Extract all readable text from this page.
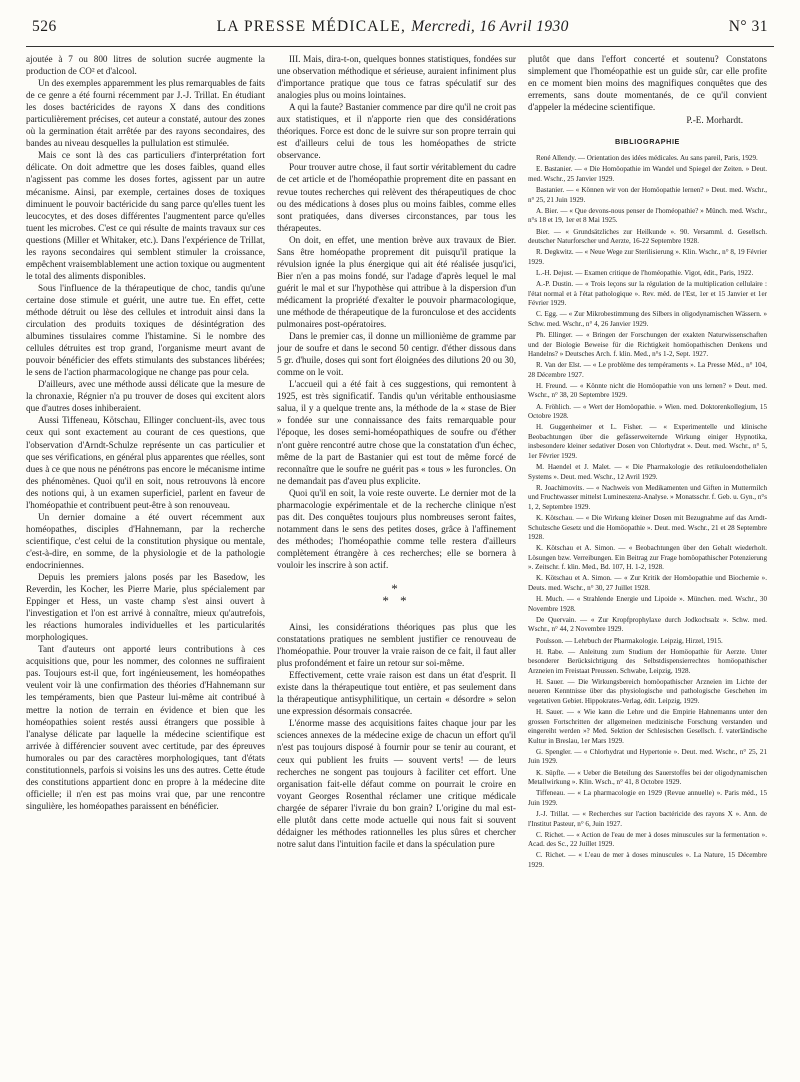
526	LA PRESSE MÉDICALE, Mercredi, 16 Avril 1930	N° 31

ajoutée à 7 ou 800 litres de solution sucrée augmente la production de CO² et d'alcool.

Un des exemples apparemment les plus remarquables de faits de ce genre a été fourni récemment par J.-J. Trillat. En étudiant les doses bactéricides de rayons X dans des conditions particulièrement précises, cet auteur a constaté, autour des zones où la germination était arrêtée par des rayons secondaires, des bandes au niveau desquelles la pullulation est stimulée.

Mais ce sont là des cas particuliers d'interprétation fort délicate. On doit admettre que les doses faibles, quand elles n'agissent pas comme les doses fortes, agissent par un autre mécanisme. Ainsi, par exemple, certaines doses de toxiques diminuent le pouvoir bactéricide du sang parce qu'elles tuent les leucocytes, et des doses différentes l'augmentent parce qu'elles tuent les microbes. C'est ce qui résulte de maints travaux sur ces questions (Miller et Whitaker, etc.). Dans l'expérience de Trillat, les rayons secondaires qui semblent stimuler la croissance, empêchent vraisemblablement une action toxique ou augmentent le total des aliments disponibles.

Sous l'influence de la thérapeutique de choc, tandis qu'une certaine dose stimule et guérit, une autre tue. En effet, cette méthode détruit ou lèse des cellules et introduit ainsi dans la circulation des produits toxiques de désintégration des albumines tissulaires comme l'histamine. Si le nombre des cellules détruites est trop grand, l'organisme meurt avant de pouvoir bénéficier des effets stimulants des substances libérées; le sens de l'action pharmacologique ne change pas pour cela.

D'ailleurs, avec une méthode aussi délicate que la mesure de la chronaxie, Régnier n'a pu trouver de doses qui excitent alors que d'autres doses inhiberaient.

Aussi Tiffeneau, Kötschau, Ellinger concluent-ils, avec tous ceux qui sont exactement au courant de ces questions, que l'observation d'Arndt-Schulze représente un cas particulier et que ses vérifications, en général plus apparentes que réelles, sont dues à ce que nous ne pénétrons pas encore le mécanisme intime des phénomènes. Quoi qu'il en soit, nous retrouvons là encore des notions qui, à un examen superficiel, parlent en faveur de l'homéopathie et contribuent peut-être à son renouveau.

Un dernier domaine a été ouvert récemment aux homéopathes, disciples d'Hahnemann, par la recherche scientifique, c'est celui de la constitution physique ou mentale, c'est-à-dire, en somme, de la physiologie et de la pathologie endocriniennes.

Depuis les premiers jalons posés par les Basedow, les Reverdin, les Kocher, les Pierre Marie, plus spécialement par Eppinger et Hess, un vaste champ s'est ainsi ouvert à l'investigation et l'on est arrivé à connaître, mieux qu'autrefois, les réactions humorales individuelles et les particularités morphologiques.

Tant d'auteurs ont apporté leurs contributions à ces acquisitions que, pour les nommer, des colonnes ne suffiraient pas. Toujours est-il que, fort ingénieusement, les homéopathes veulent voir là une confirmation des théories d'Hahnemann sur les tempéraments, bien que Pasteur lui-même ait contribué à mettre la notion de terrain en évidence et bien que les homéopathies soient restés aussi étrangers que possible à l'analyse délicate par laquelle la médecine scientifique est arrivée à différencier souvent avec certitude, par des épreuves humorales ou par des caractères morphologiques, tant d'états constitutionnels, parfois si voisins les uns des autres. Cette étude des constitutions appartient donc en propre à la médecine dite officielle; il n'en est pas moins vrai que, par une rencontre singulière, les homéopathes paraissent en bénéficier.

III. Mais, dira-t-on, quelques bonnes statistiques, fondées sur une observation méthodique et sérieuse, auraient infiniment plus d'importance pratique que tous ce fatras spéculatif sur des analogies plus ou moins lointaines.

A qui la faute? Bastanier commence par dire qu'il ne croit pas aux statistiques, et il n'apporte rien que des considérations théoriques. Force est donc de le suivre sur son propre terrain qui est d'ailleurs celui de tous les homéopathes de stricte observance.

Pour trouver autre chose, il faut sortir véritablement du cadre de cet article et de l'homéopathie proprement dite en passant en revue toutes recherches qui relèvent des thérapeutiques de choc ou des médications à doses plus ou moins faibles, comme elles sont pratiquées, dans diverses circonstances, par tous les thérapeutes.

On doit, en effet, une mention brève aux travaux de Bier. Sans être homéopathe proprement dit puisqu'il pratique la révulsion ignée la plus énergique qui ait été réalisée jusqu'ici, Bier n'en a pas moins fondé, sur l'adage d'après lequel le mal guérit le mal et sur l'hypothèse qui attribue à la dispersion d'un médicament la propriété d'exalter le pouvoir pharmacologique, une méthode de thérapeutique de la furonculose et des accidents pulmonaires post-opératoires.

Dans le premier cas, il donne un millionième de gramme par jour de soufre et dans le second 50 centigr. d'éther dissous dans 5 gr. d'huile, doses qui sont fort éloignées des dilutions 20 ou 30, comme on le voit.

L'accueil qui a été fait à ces suggestions, qui remontent à 1925, est très significatif. Tandis qu'un véritable enthousiasme salua, il y a quelque trente ans, la méthode de la « stase de Bier » fondée sur une connaissance des faits remarquable pour l'époque, les doses semi-homéopathiques de soufre ou d'éther n'ont guère rencontré autre chose que la constatation d'un échec, même de la part de Bastanier qui est tout de même forcé de reconnaître que le soufre ne guérit pas « tous » les furoncles. On ne demandait pas d'aveu plus explicite.

Quoi qu'il en soit, la voie reste ouverte. Le dernier mot de la pharmacologie expérimentale et de la recherche clinique n'est pas dit. Des conquêtes toujours plus nombreuses seront faites, notamment dans le sens des petites doses, grâce à l'affinement des méthodes; l'homéopathie comme telle restera d'ailleurs complètement étrangère à ces recherches; elle se bornera à vouloir les inscrire à son actif.

*
* *

Ainsi, les considérations théoriques pas plus que les constatations pratiques ne semblent justifier ce renouveau de l'homéopathie. Pour trouver la vraie raison de ce fait, il faut aller plus profondément et faire un retour sur soi-même.

Effectivement, cette vraie raison est dans un état d'esprit. Il existe dans la thérapeutique tout entière, et pas seulement dans la thérapeutique antisyphilitique, un certain « désordre » selon une expression désormais consacrée.

L'énorme masse des acquisitions faites chaque jour par les sciences annexes de la médecine exige de chacun un effort qu'il n'est pas toujours disposé à fournir pour se tenir au courant, et ceux qui publient les fruits — souvent verts! — de leurs recherches ne songent pas toujours à faciliter cet effort. Une organisation fait-elle défaut comme on pourrait le croire en voyant Georges Rosenthal réclamer une critique médicale chargée de séparer l'ivraie du bon grain? L'origine du mal est-elle plutôt dans cette mode actuelle qui nous fait si souvent dédaigner les méthodes rationnelles les plus sûres et chercher notre salut dans l'intuition facile et dans la spéculation pure

plutôt que dans l'effort concerté et soutenu? Constatons simplement que l'homéopathie est un guide sûr, car elle profite en ce moment bien moins des magnifiques conquêtes que des errements, sans doute momentanés, de ce qu'il convient d'appeler la médecine scientifique.

P.-E. Morhardt.
BIBLIOGRAPHIE

René Allendy. — Orientation des idées médicales. Au sans pareil, Paris, 1929.

E. Bastanier. — « Die Homöopathie im Wandel und Spiegel der Zeiten. » Deut. med. Wschr., 25 Janvier 1929.

Bastanier. — « Können wir von der Homöopathie lernen? » Deut. med. Wschr., n° 25, 21 Juin 1929.

A. Bier. — « Que devons-nous penser de l'homéopathie? » Münch. med. Wschr., n°s 18 et 19, 1er et 8 Mai 1925.

Bier. — « Grundsätzliches zur Heilkunde ». 90. Versamml. d. Gesellsch. deutscher Naturforscher und Aerzte, 16-22 Septembre 1928.

R. Degkwitz. — « Neue Wege zur Sterilisierung ». Klin. Wschr., n° 8, 19 Février 1929.

L.-H. Dejust. — Examen critique de l'homéopathie. Vigot, édit., Paris, 1922.

A.-P. Dustin. — « Trois leçons sur la régulation de la multiplication cellulaire : l'état normal et à l'état pathologique ». Rev. méd. de l'Est, 1er et 15 Janvier et 1er Février 1929.

C. Egg. — « Zur Mikrobestimmung des Silbers in oligodynamischen Wässern. » Schw. med. Wschr., n° 4, 26 Janvier 1929.

Ph. Ellinger. — « Bringen der Forschungen der exakten Naturwissenschaften und der Biologie Beweise für die Richtigkeit homöopathischen Denkens und Handelns? » Deutsches Arch. f. klin. Med., n°s 1-2, Sept. 1927.

R. Van der Elst. — « Le problème des tempéraments ». La Presse Méd., n° 104, 28 Décembre 1927.

H. Freund. — « Könnte nicht die Homöopathie von uns lernen? » Deut. med. Wschr., n° 38, 20 Septembre 1929.

A. Fröhlich. — « Wert der Homöopathie. » Wien. med. Doktorenkollegium, 15 Octobre 1928.

H. Guggenheimer et L. Fisher. — « Experimentelle und klinische Beobachtungen über die gefässerweiternde Wirkung einiger Hypnotika, insbesondere kleiner sedativer Dosen von Chlorhydrat ». Deut. med. Wschr., n° 5, 1er Février 1929.

M. Haendel et J. Malet. — « Die Pharmakologie des retikuloendothelialen Systems ». Deut. med. Wschr., 12 Avril 1929.

R. Joachimovits. — « Nachweis von Medikamenten und Giften in Muttermilch und Fruchtwasser mittelst Lumineszenz-Analyse. » Monatsschr. f. Geb. u. Gyn., n°s 1, 2, Septembre 1929.

K. Kötschau. — « Die Wirkung kleiner Dosen mit Bezugnahme auf das Arndt-Schulzsche Gesetz und die Homöopathie ». Deut. med. Wschr., 21 et 28 Septembre 1928.

K. Kötschau et A. Simon. — « Beobachtungen über den Gehalt wiederholt. Lösungen bzw. Verreibungen. Ein Beitrag zur Frage homöopathischer Potenzierung ». Zeitschr. f. klin. Med., Bd. 107, H. 1-2, 1928.

K. Kötschau et A. Simon. — « Zur Kritik der Homöopathie und Biochemie ». Deuts. med. Wschr., n° 30, 27 Juillet 1928.

H. Much. — « Strahlende Energie und Lipoide ». München. med. Wschr., 30 Novembre 1928.

De Quervain. — « Zur Kropfprophylaxe durch Jodkochsalz ». Schw. med. Wschr., n° 44, 2 Novembre 1929.

Poulsson. — Lehrbuch der Pharmakologie. Leipzig, Hirzel, 1915.

H. Rabe. — Anleitung zum Studium der Homöopathie für Aerzte. Unter besonderer Berücksichtigung des Selbstdispensierrechtes homöopathischer Arzneien im Freistaat Preussen. Schwabe, Leipzig, 1928.

H. Sauer. — Die Wirkungsbereich homöopathischer Arzneien im Lichte der neueren Kenntnisse über das physiologische und pathologische Geschehen im vegetativen Gebiet. Hippokrates-Verlag, édit. Leipzig, 1929.

H. Sauer. — « Wie kann die Lehre und die Empirie Hahnemanns unter den grossen Fortschritten der allgemeinen medizinische Forschung verstanden und eingereiht werden »? Med. Sektion der Schlesischen Gesellsch. f. vaterländische Kultur in Breslau, 1er Mars 1929.

G. Spengler. — « Chlorhydrat und Hypertonie ». Deut. med. Wschr., n° 25, 21 Juin 1929.

K. Süpfle. — « Ueber die Beteilung des Sauerstoffes bei der oligodynamischen Metallwirkung ». Klin. Wsch., n° 41, 8 Octobre 1929.

Tiffeneau. — « La pharmacologie en 1929 (Revue annuelle) ». Paris méd., 15 Juin 1929.

J.-J. Trillat. — « Recherches sur l'action bactéricide des rayons X ». Ann. de l'Institut Pasteur, n° 6, Juin 1927.

C. Richet. — « Action de l'eau de mer à doses minuscules sur la fermentation ». Acad. des Sc., 22 Juillet 1929.

C. Richet. — « L'eau de mer à doses minuscules ». La Nature, 15 Décembre 1929.
